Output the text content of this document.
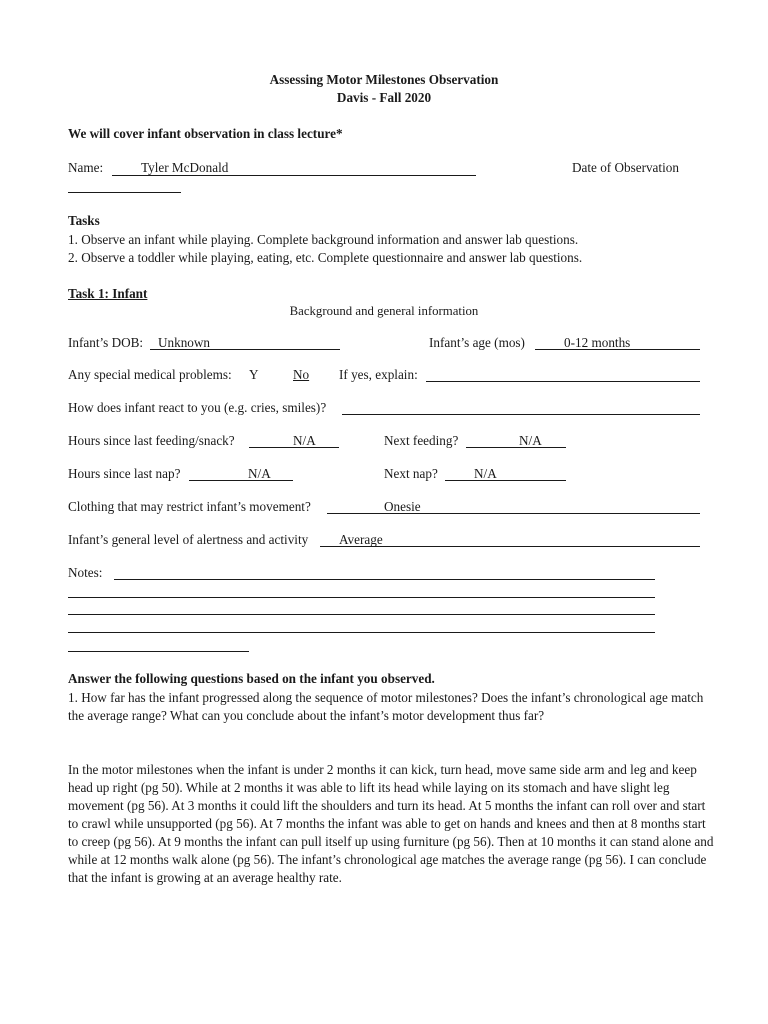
Assessing Motor Milestones Observation
Davis - Fall 2020
We will cover infant observation in class lecture*
Name:	Tyler McDonald	Date of Observation
Tasks
1. Observe an infant while playing. Complete background information and answer lab questions.
2. Observe a toddler while playing, eating, etc. Complete questionnaire and answer lab questions.
Task 1: Infant
Background and general information
Infant’s DOB: Unknown	Infant’s age (mos)	0-12 months
Any special medical problems: Y	No If yes, explain:
How does infant react to you (e.g. cries, smiles)?
Hours since last feeding/snack?	N/A	Next feeding?	N/A
Hours since last nap?	N/A	Next nap?	N/A
Clothing that may restrict infant’s movement?	Onesie
Infant’s general level of alertness and activity Average
Notes:
Answer the following questions based on the infant you observed.
1. How far has the infant progressed along the sequence of motor milestones? Does the infant’s chronological age match the average range? What can you conclude about the infant’s motor development thus far?
In the motor milestones when the infant is under 2 months it can kick, turn head, move same side arm and leg and keep head up right (pg 50). While at 2 months it was able to lift its head while laying on its stomach and have slight leg movement (pg 56). At 3 months it could lift the shoulders and turn its head. At 5 months the infant can roll over and start to crawl while unsupported (pg 56). At 7 months the infant was able to get on hands and knees and then at 8 months start to creep (pg 56). At 9 months the infant can pull itself up using furniture (pg 56). Then at 10 months it can stand alone and while at 12 months walk alone (pg 56). The infant’s chronological age matches the average range (pg 56). I can conclude that the infant is growing at an average healthy rate.
